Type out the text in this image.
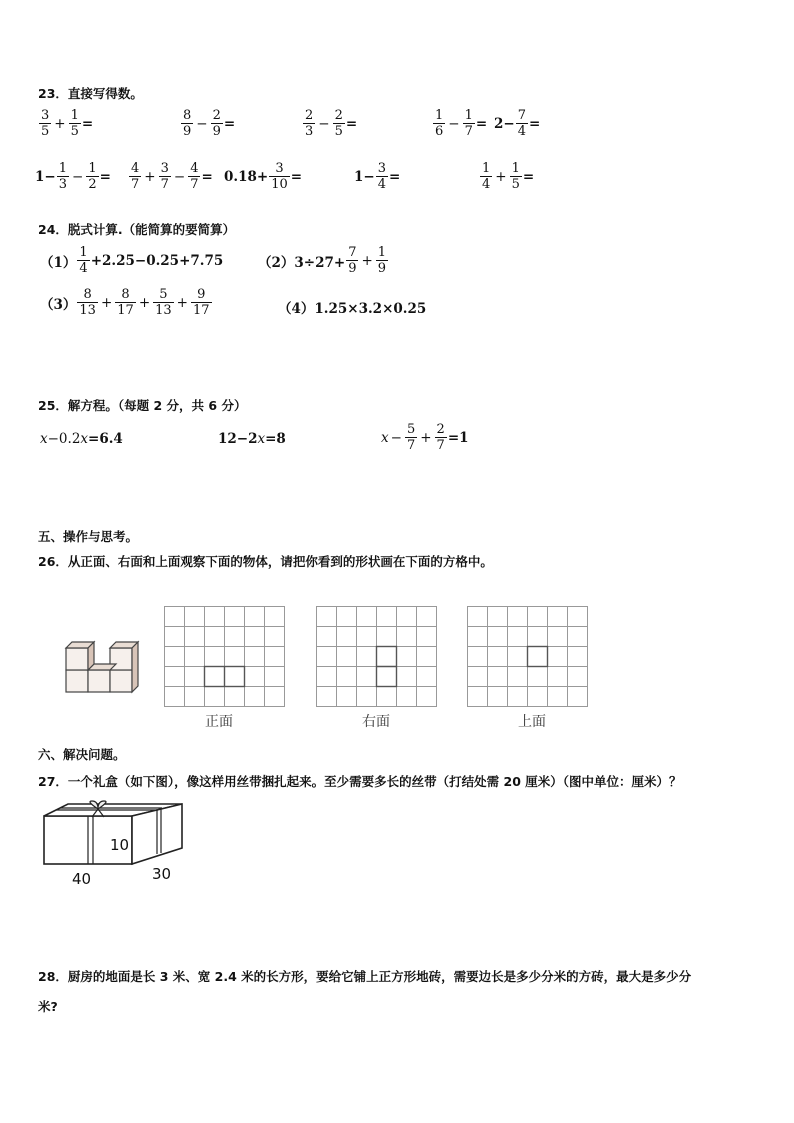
23．直接写得数。
$\frac{3}{5} + \frac{1}{5}$ =	$\frac{8}{9} - \frac{2}{9}$ =	$\frac{2}{3} - \frac{2}{5}$ =	$\frac{1}{6} - \frac{1}{7} = 2- \frac{7}{4}$ =
$1- \frac{1}{3} - \frac{1}{2} = \frac{4}{7} + \frac{3}{7} - \frac{4}{7} = 0.18+ \frac{3}{10}$ =	$1- \frac{3}{4}$ =	$\frac{1}{4} + \frac{1}{5}$ =
24．脱式计算.（能简算的要简算）
$(1) \frac{1}{4} +2.25-0.25+7.75$	$(2)3\div 27+ \frac{7}{9} + \frac{1}{9}$
$(3) \frac{8}{13} + \frac{8}{17} + \frac{5}{13} + \frac{9}{17}$	（4）1.25×3.2×0.25
25．解方程。（每题 2 分，共 6 分）
x −0.2 x =6.4	12−2 x =8	$x - \frac{5}{7} + \frac{2}{7} =1$
五、操作与思考。
26．从正面、右面和上面观察下面的物体，请把你看到的形状画在下面的方格中。
正面	右面	上面
六、解决问题。
27．一个礼盒（如下图），像这样用丝带捆扎起来。至少需要多长的丝带（打结处需 20 厘米）（图中单位：厘米）？
10
40	30
28．厨房的地面是长 3 米、宽 2.4 米的长方形，要给它铺上正方形地砖，需要边长是多少分米的方砖，最大是多少分
米?
